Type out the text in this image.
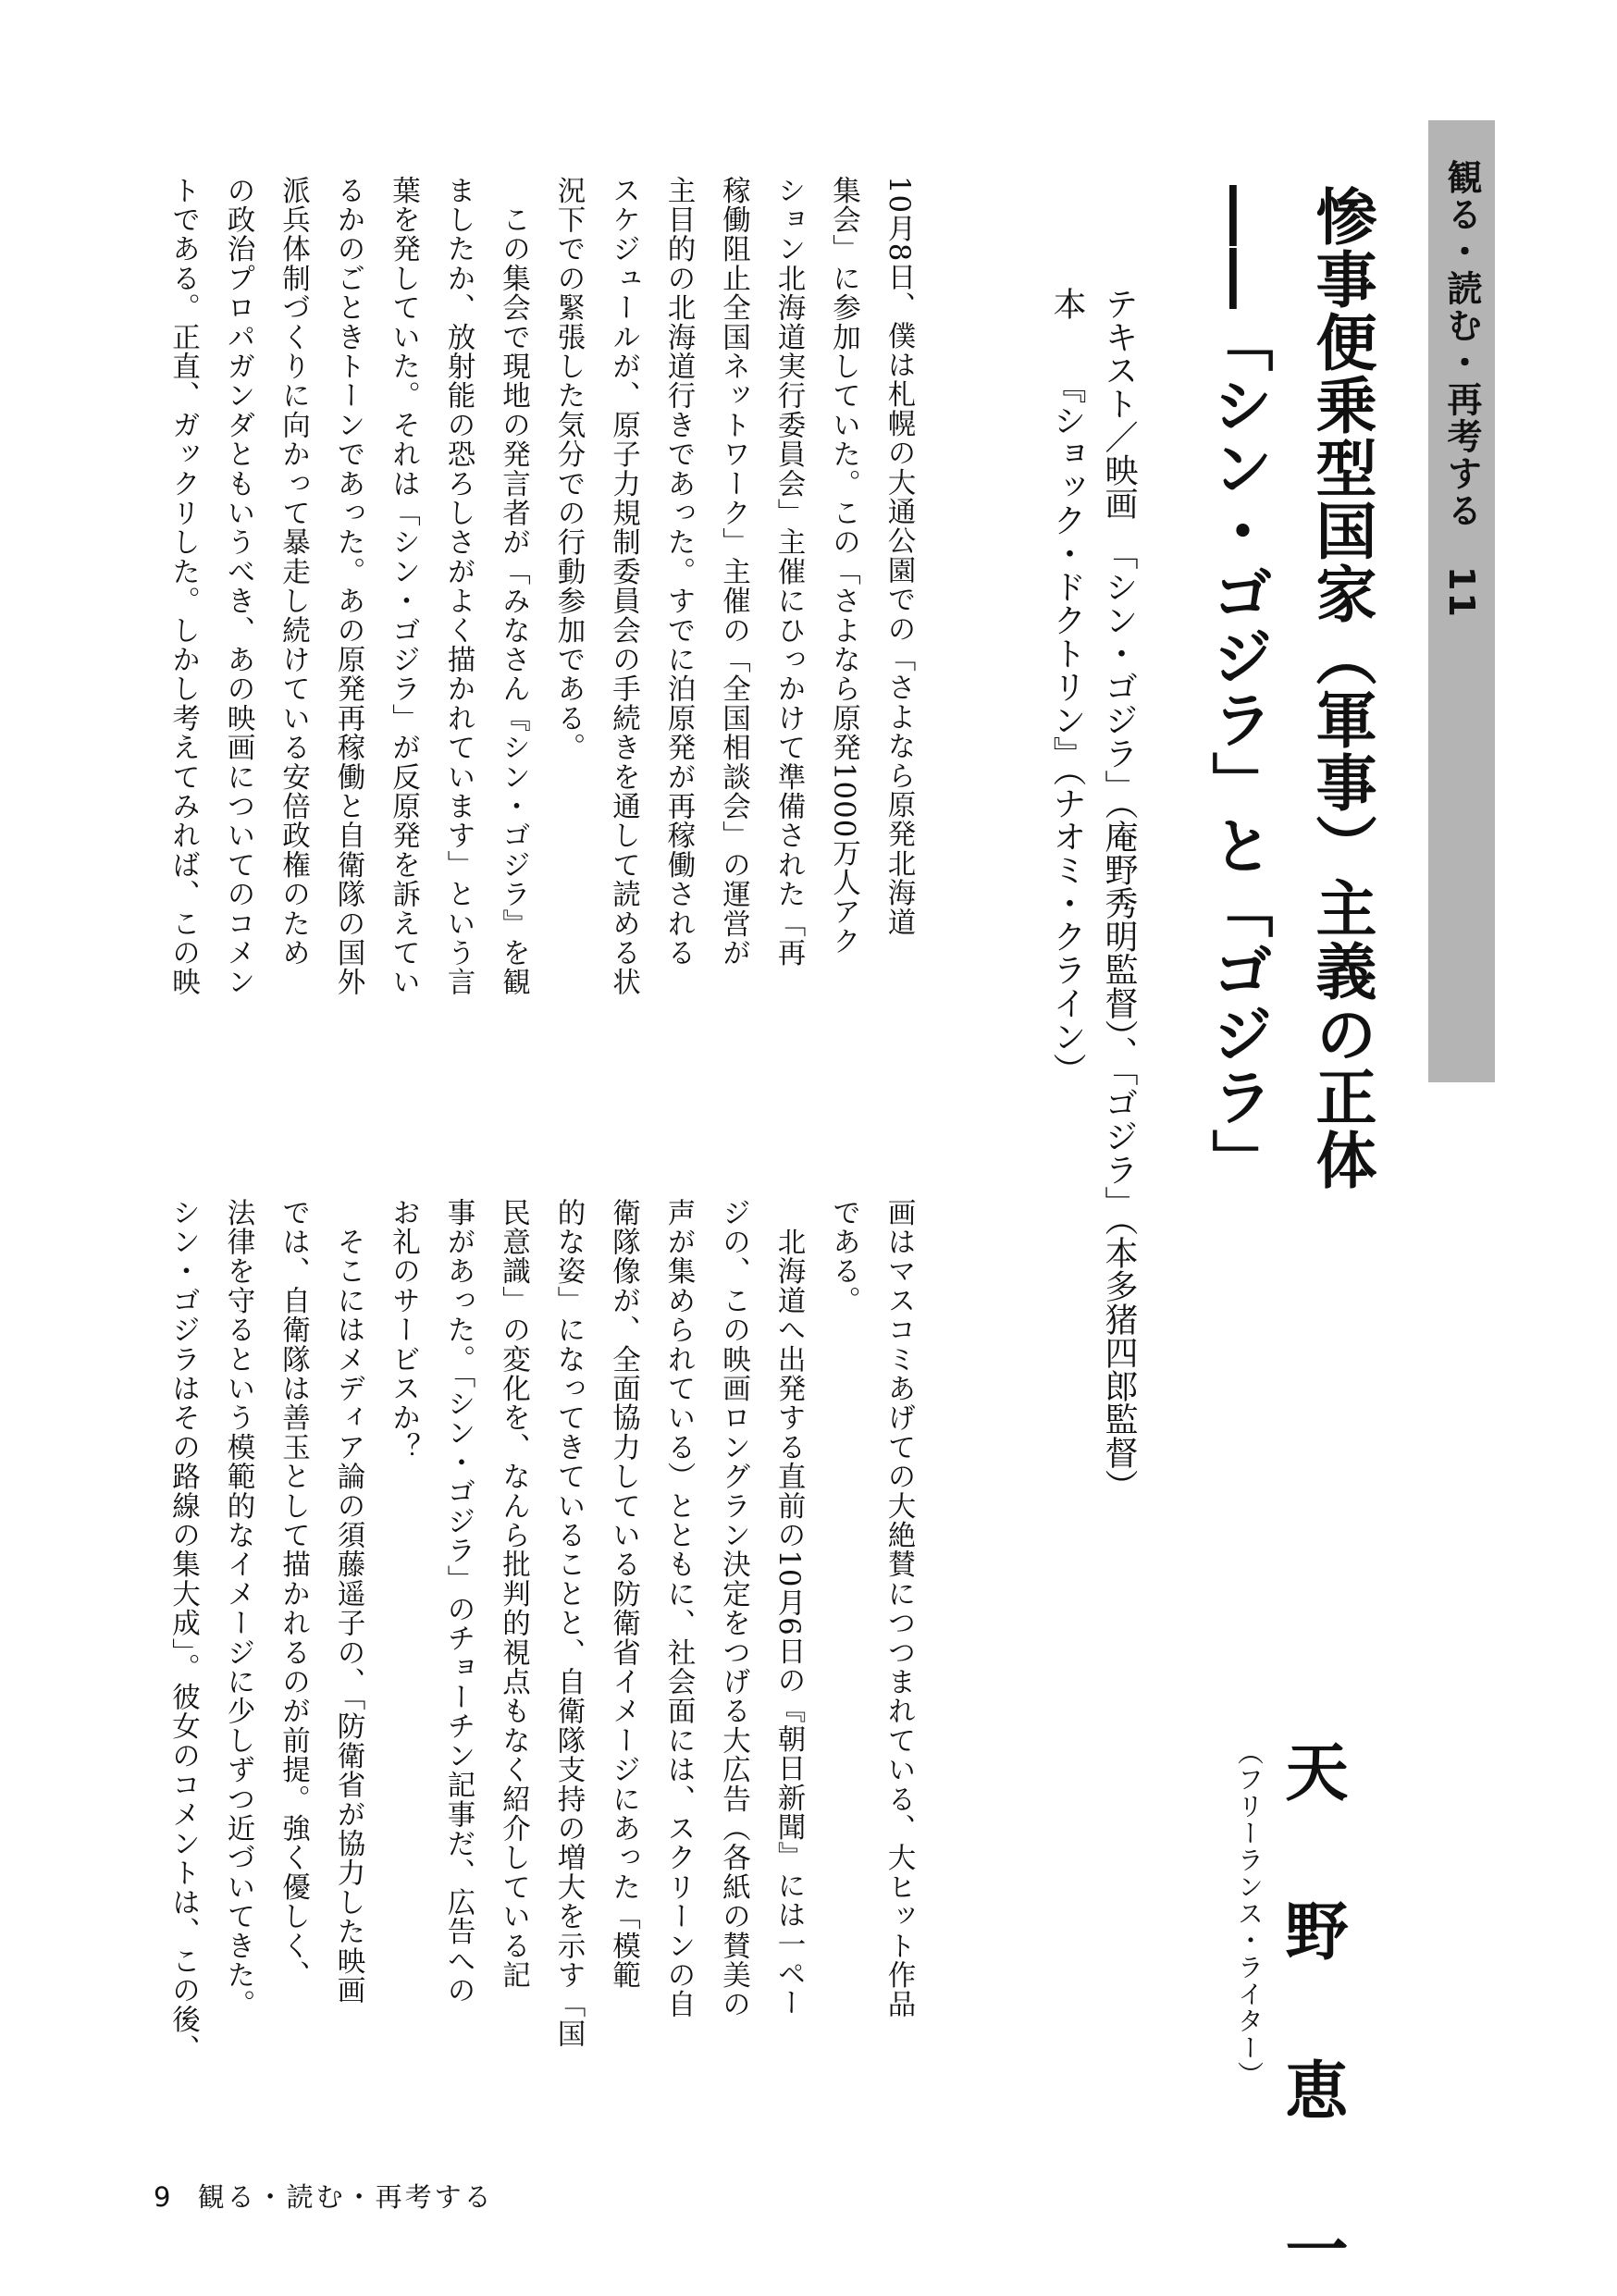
観る・読む・再考する　11
惨事便乗型国家（軍事）主義の正体
――「シン・ゴジラ」と「ゴジラ」
テキスト／映画　「シン・ゴジラ」（庵野秀明監督）、「ゴジラ」（本多猪四郎監督）
本　　『ショック・ドクトリン』（ナオミ・クライン）
天　野　恵　一
（フリーランス・ライター）
10月8日、僕は札幌の大通公園での「さよなら原発北海道
集会」に参加していた。この「さよなら原発1000万人アク
ション北海道実行委員会」主催にひっかけて準備された「再
稼働阻止全国ネットワーク」主催の「全国相談会」の運営が
主目的の北海道行きであった。すでに泊原発が再稼働される
スケジュールが、原子力規制委員会の手続きを通して読める状
況下での緊張した気分での行動参加である。
　この集会で現地の発言者が「みなさん『シン・ゴジラ』を観
ましたか、放射能の恐ろしさがよく描かれています」という言
葉を発していた。それは「シン・ゴジラ」が反原発を訴えてい
るかのごときトーンであった。あの原発再稼働と自衛隊の国外
派兵体制づくりに向かって暴走し続けている安倍政権のため
の政治プロパガンダともいうべき、あの映画についてのコメン
トである。正直、ガックリした。しかし考えてみれば、この映
画はマスコミあげての大絶賛につつまれている、大ヒット作品
である。
　北海道へ出発する直前の10月6日の『朝日新聞』には一ペー
ジの、この映画ロングラン決定をつげる大広告（各紙の賛美の
声が集められている）とともに、社会面には、スクリーンの自
衛隊像が、全面協力している防衛省イメージにあった「模範
的な姿」になってきていることと、自衛隊支持の増大を示す「国
民意識」の変化を、なんら批判的視点もなく紹介している記
事があった。「シン・ゴジラ」のチョーチン記事だ、広告への
お礼のサービスか？
　そこにはメディア論の須藤遥子の、「防衛省が協力した映画
では、自衛隊は善玉として描かれるのが前提。強く優しく、
法律を守るという模範的なイメージに少しずつ近づいてきた。
シン・ゴジラはその路線の集大成」。彼女のコメントは、この後、
9 観る・読む・再考する
